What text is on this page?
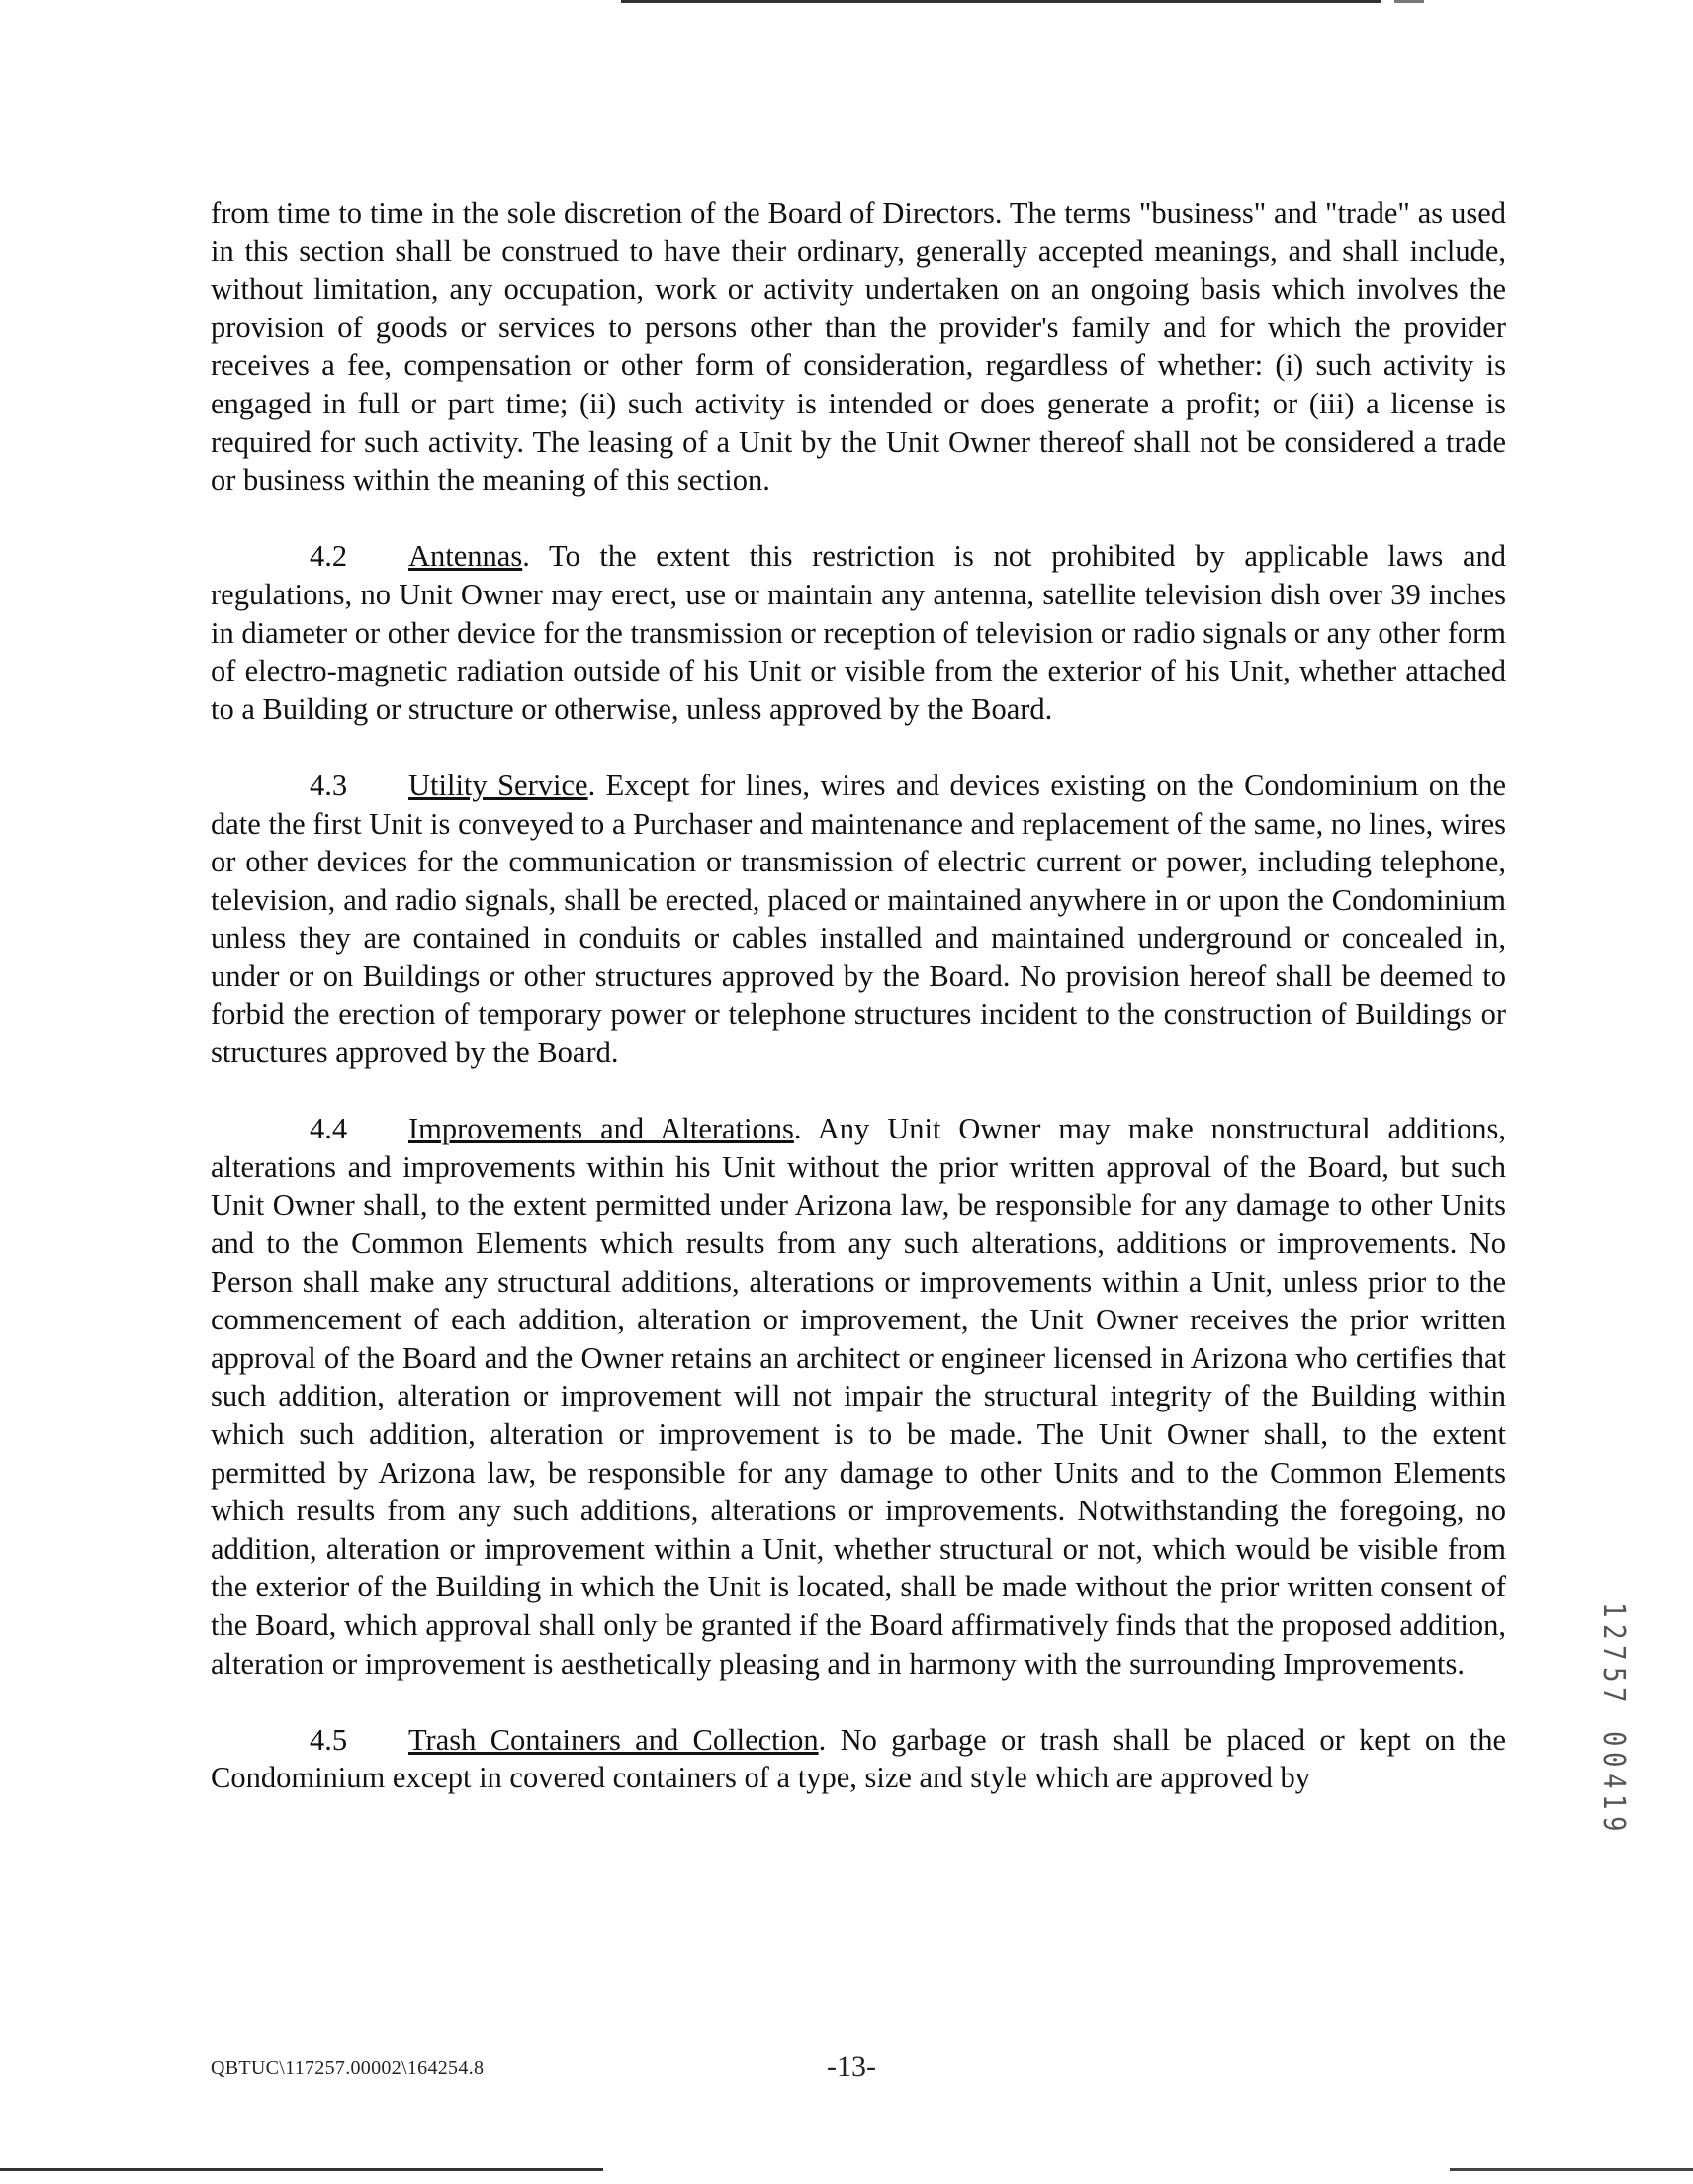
from time to time in the sole discretion of the Board of Directors. The terms "business" and "trade" as used in this section shall be construed to have their ordinary, generally accepted meanings, and shall include, without limitation, any occupation, work or activity undertaken on an ongoing basis which involves the provision of goods or services to persons other than the provider's family and for which the provider receives a fee, compensation or other form of consideration, regardless of whether: (i) such activity is engaged in full or part time; (ii) such activity is intended or does generate a profit; or (iii) a license is required for such activity. The leasing of a Unit by the Unit Owner thereof shall not be considered a trade or business within the meaning of this section.

4.2 Antennas. To the extent this restriction is not prohibited by applicable laws and regulations, no Unit Owner may erect, use or maintain any antenna, satellite television dish over 39 inches in diameter or other device for the transmission or reception of television or radio signals or any other form of electro-magnetic radiation outside of his Unit or visible from the exterior of his Unit, whether attached to a Building or structure or otherwise, unless approved by the Board.

4.3 Utility Service. Except for lines, wires and devices existing on the Condominium on the date the first Unit is conveyed to a Purchaser and maintenance and replacement of the same, no lines, wires or other devices for the communication or transmission of electric current or power, including telephone, television, and radio signals, shall be erected, placed or maintained anywhere in or upon the Condominium unless they are contained in conduits or cables installed and maintained underground or concealed in, under or on Buildings or other structures approved by the Board. No provision hereof shall be deemed to forbid the erection of temporary power or telephone structures incident to the construction of Buildings or structures approved by the Board.

4.4 Improvements and Alterations. Any Unit Owner may make nonstructural additions, alterations and improvements within his Unit without the prior written approval of the Board, but such Unit Owner shall, to the extent permitted under Arizona law, be responsible for any damage to other Units and to the Common Elements which results from any such alterations, additions or improvements. No Person shall make any structural additions, alterations or improvements within a Unit, unless prior to the commencement of each addition, alteration or improvement, the Unit Owner receives the prior written approval of the Board and the Owner retains an architect or engineer licensed in Arizona who certifies that such addition, alteration or improvement will not impair the structural integrity of the Building within which such addition, alteration or improvement is to be made. The Unit Owner shall, to the extent permitted by Arizona law, be responsible for any damage to other Units and to the Common Elements which results from any such additions, alterations or improvements. Notwithstanding the foregoing, no addition, alteration or improvement within a Unit, whether structural or not, which would be visible from the exterior of the Building in which the Unit is located, shall be made without the prior written consent of the Board, which approval shall only be granted if the Board affirmatively finds that the proposed addition, alteration or improvement is aesthetically pleasing and in harmony with the surrounding Improvements.

4.5 Trash Containers and Collection. No garbage or trash shall be placed or kept on the Condominium except in covered containers of a type, size and style which are approved by

1
2
7
5
7
0
0
4
1
9
QBTUC\117257.00002\164254.8	-13-
